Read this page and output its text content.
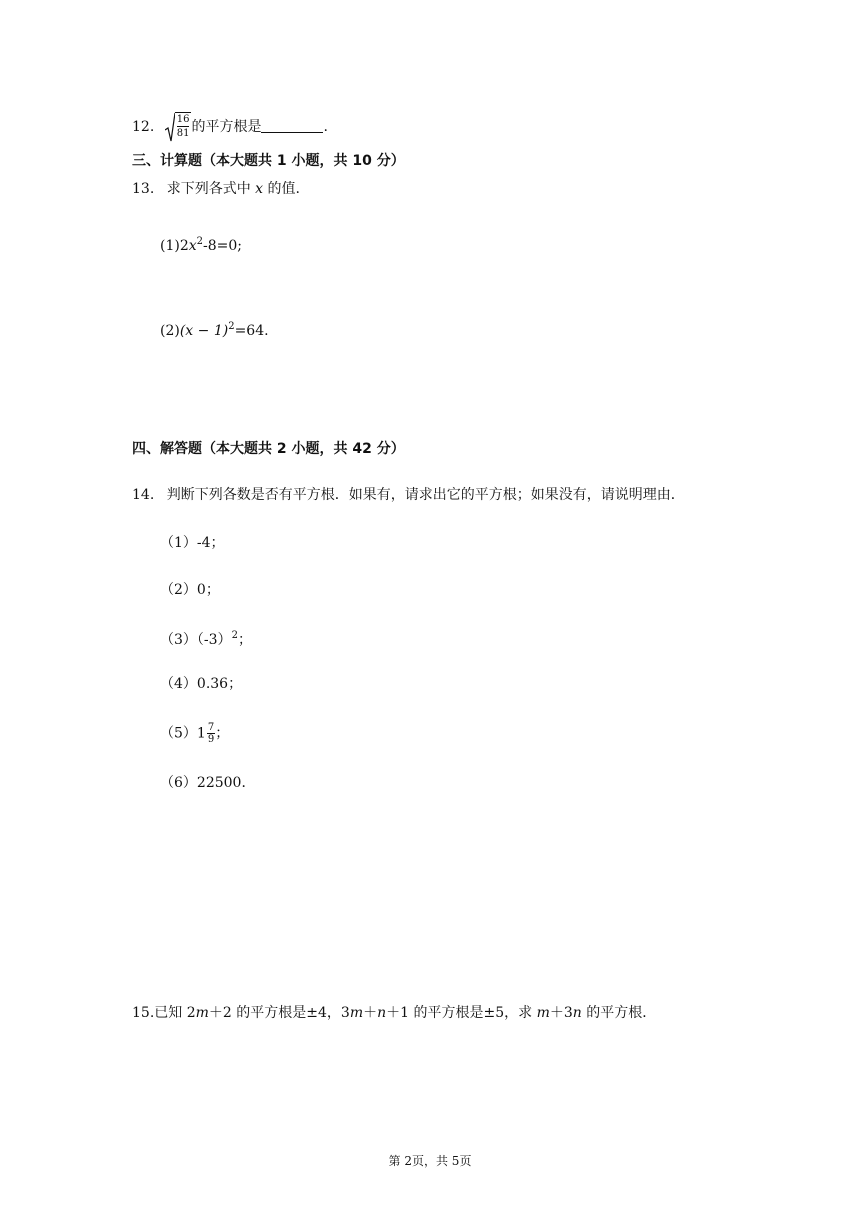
12. $\frac{16}{81}$ 的平方根是	.
三、计算题（本大题共 1 小题，共 10 分）
13. 求下列各式中 x 的值.
$(1)2x^2-8=0$;
$(2)(x - 1)^2=64$.
四、解答题（本大题共 2 小题，共 42 分）
14. 判断下列各数是否有平方根．如果有，请求出它的平方根；如果没有，请说明理由．
（1）-4；
（2）0；
$(3)(-3)^2$；
（4）0.36；
$(5)1 \frac{7}{9}$ ；
（6）22500．
15.已知 2m＋2 的平方根是±4，3m＋n＋1 的平方根是±5，求 m＋3n 的平方根．
第 2页，共 5页
